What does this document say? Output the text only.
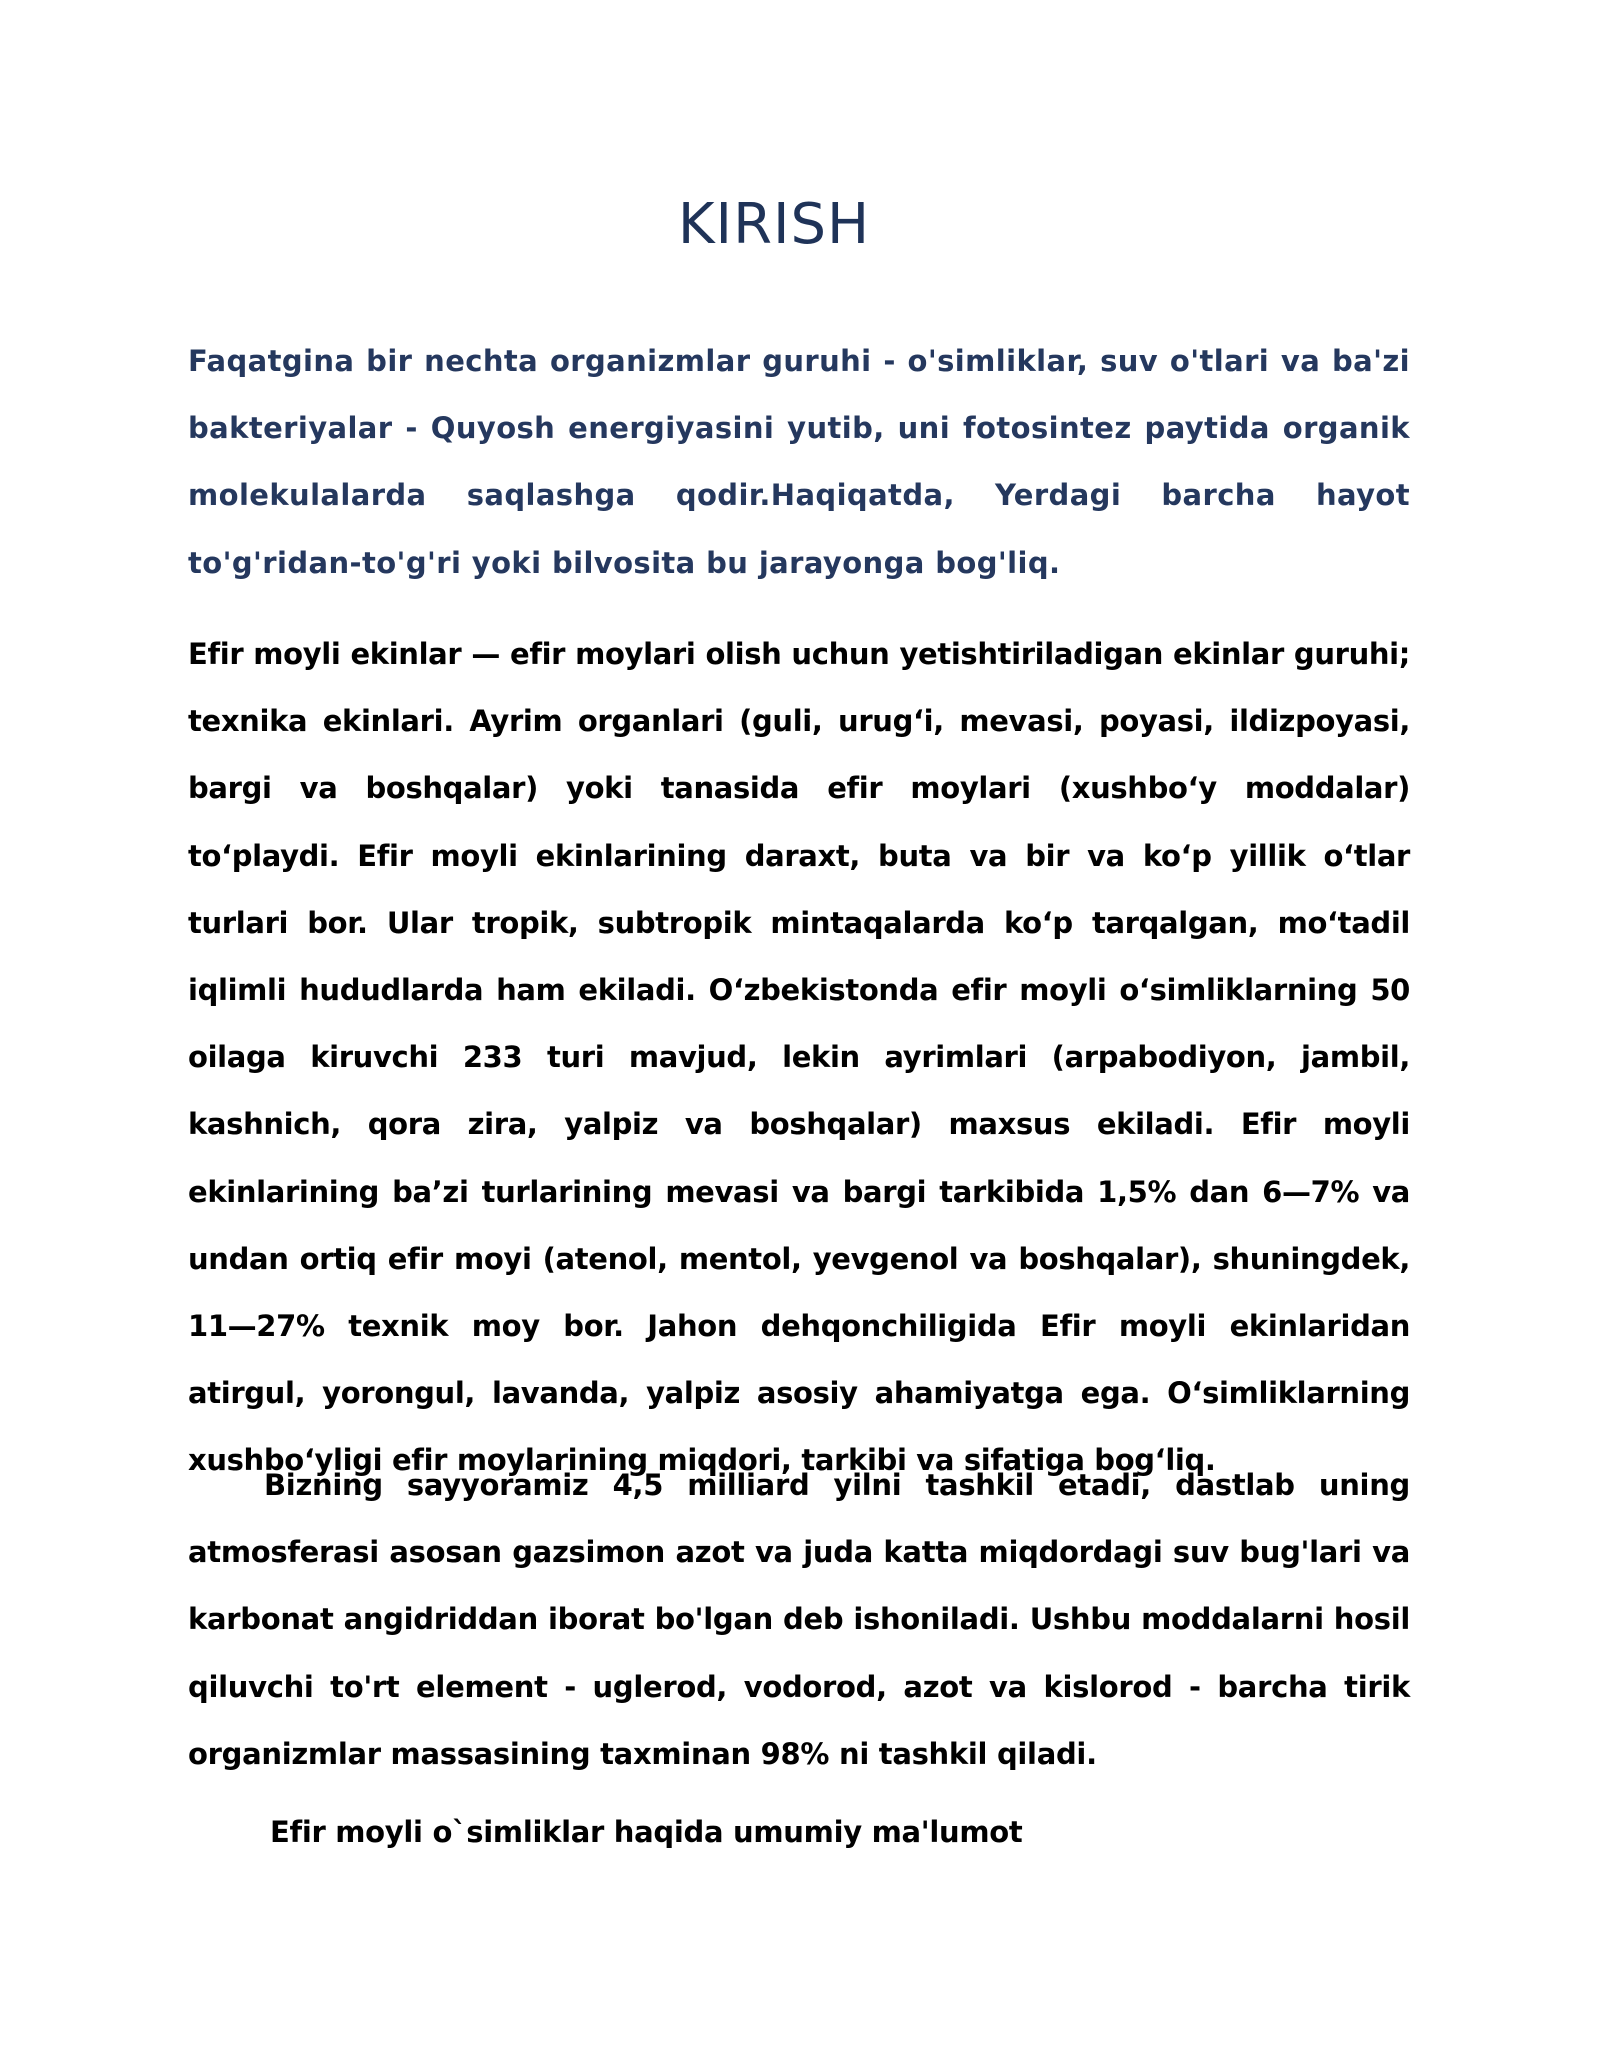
KIRISH

Faqatgina bir nechta organizmlar guruhi - o'simliklar, suv o'tlari va ba'zi bakteriyalar - Quyosh energiyasini yutib, uni fotosintez paytida organik molekulalarda saqlashga qodir.Haqiqatda, Yerdagi barcha hayot to'g'ridan-to'g'ri yoki bilvosita bu jarayonga bog'liq.

Efir moyli ekinlar — efir moylari olish uchun yetishtiriladigan ekinlar guruhi; texnika ekinlari. Ayrim organlari (guli, urug‘i, mevasi, poyasi, ildizpoyasi, bargi va boshqalar) yoki tanasida efir moylari (xushbo‘y moddalar) to‘playdi. Efir moyli ekinlarining daraxt, buta va bir va ko‘p yillik o‘tlar turlari bor. Ular tropik, subtropik mintaqalarda ko‘p tarqalgan, mo‘tadil iqlimli hududlarda ham ekiladi. O‘zbekistonda efir moyli o‘simliklarning 50 oilaga kiruvchi 233 turi mavjud, lekin ayrimlari (arpabodiyon, jambil, kashnich, qora zira, yalpiz va boshqalar) maxsus ekiladi. Efir moyli ekinlarining ba’zi turlarining mevasi va bargi tarkibida 1,5% dan 6—7% va undan ortiq efir moyi (atenol, mentol, yevgenol va boshqalar), shuningdek, 11—27% texnik moy bor. Jahon dehqonchiligida Efir moyli ekinlaridan atirgul, yorongul, lavanda, yalpiz asosiy ahamiyatga ega. O‘simliklarning xushbo‘yligi efir moylarining miqdori, tarkibi va sifatiga bog‘liq.

Bizning sayyoramiz 4,5 milliard yilni tashkil etadi, dastlab uning atmosferasi asosan gazsimon azot va juda katta miqdordagi suv bug'lari va karbonat angidriddan iborat bo'lgan deb ishoniladi. Ushbu moddalarni hosil qiluvchi to'rt element - uglerod, vodorod, azot va kislorod - barcha tirik organizmlar massasining taxminan 98% ni tashkil qiladi.

Efir moyli o`simliklar haqida umumiy ma'lumot
